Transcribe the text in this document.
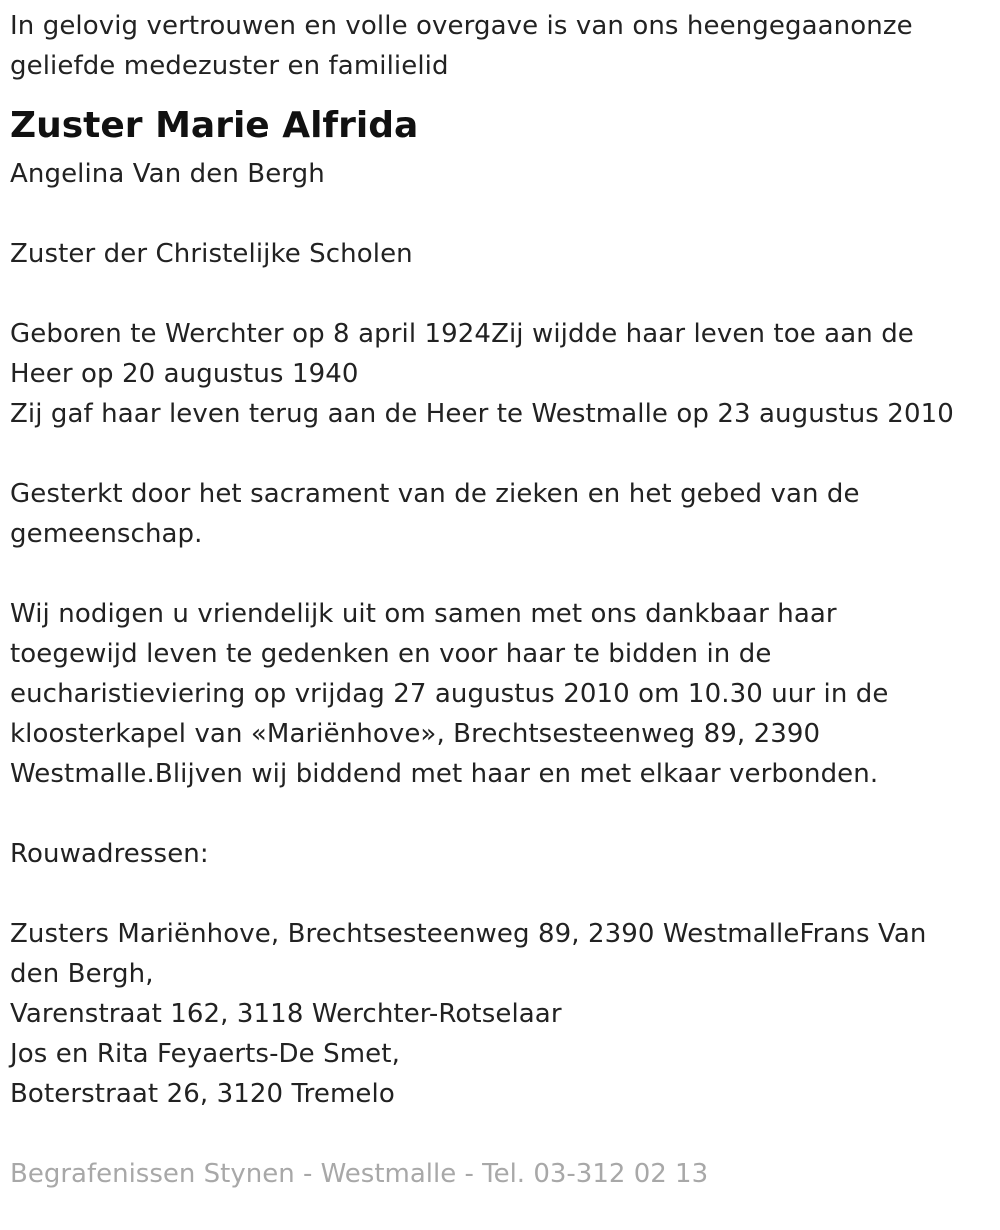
In gelovig vertrouwen en volle overgave is van ons heengegaanonze
geliefde medezuster en familielid
Zuster Marie Alfrida
Angelina Van den Bergh
Zuster der Christelijke Scholen
Geboren te Werchter op 8 april 1924Zij wijdde haar leven toe aan de
Heer op 20 augustus 1940
Zij gaf haar leven terug aan de Heer te Westmalle op 23 augustus 2010
Gesterkt door het sacrament van de zieken en het gebed van de
gemeenschap.
Wij nodigen u vriendelijk uit om samen met ons dankbaar haar
toegewijd leven te gedenken en voor haar te bidden in de
eucharistieviering op vrijdag 27 augustus 2010 om 10.30 uur in de
kloosterkapel van «Mariënhove», Brechtsesteenweg 89, 2390
Westmalle.Blijven wij biddend met haar en met elkaar verbonden.
Rouwadressen:
Zusters Mariënhove, Brechtsesteenweg 89, 2390 WestmalleFrans Van
den Bergh,
Varenstraat 162, 3118 Werchter-Rotselaar
Jos en Rita Feyaerts-De Smet,
Boterstraat 26, 3120 Tremelo
Begrafenissen Stynen - Westmalle - Tel. 03-312 02 13
